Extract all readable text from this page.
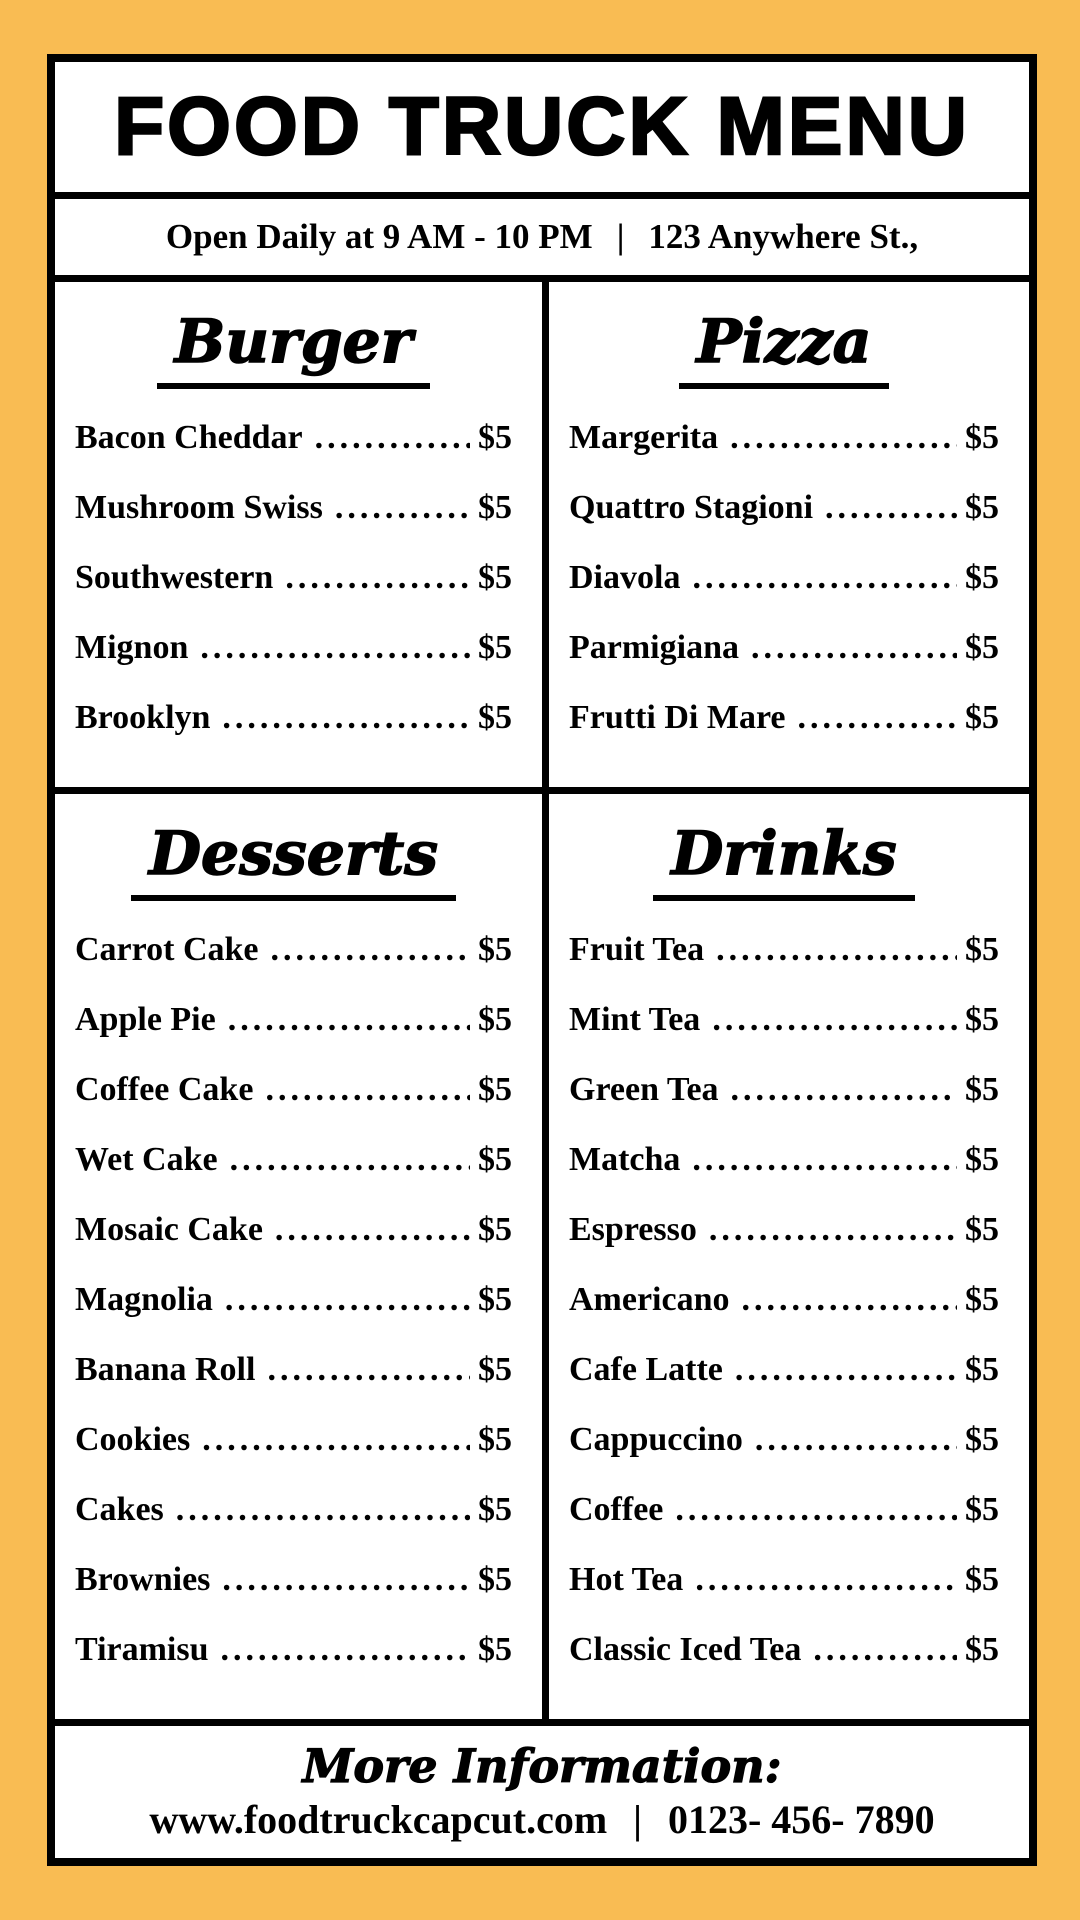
FOOD TRUCK MENU
Open Daily at 9 AM - 10 PM | 123 Anywhere St.,
Burger
Bacon Cheddar .....	$5
Mushroom Swiss .....	$5
Southwestern .....	$5
Mignon .....	$5
Brooklyn .....	$5
Pizza
Margerita .....	$5
Quattro Stagioni .....	$5
Diavola .....	$5
Parmigiana .....	$5
Frutti Di Mare .....	$5
Desserts
Carrot Cake .....	$5
Apple Pie .....	$5
Coffee Cake .....	$5
Wet Cake .....	$5
Mosaic Cake .....	$5
Magnolia .....	$5
Banana Roll .....	$5
Cookies .....	$5
Cakes .....	$5
Brownies .....	$5
Tiramisu .....	$5
Drinks
Fruit Tea .....	$5
Mint Tea .....	$5
Green Tea .....	$5
Matcha .....	$5
Espresso .....	$5
Americano .....	$5
Cafe Latte .....	$5
Cappuccino .....	$5
Coffee .....	$5
Hot Tea .....	$5
Classic Iced Tea .....	$5
More Information:
www.foodtruckcapcut.com | 0123- 456- 7890
